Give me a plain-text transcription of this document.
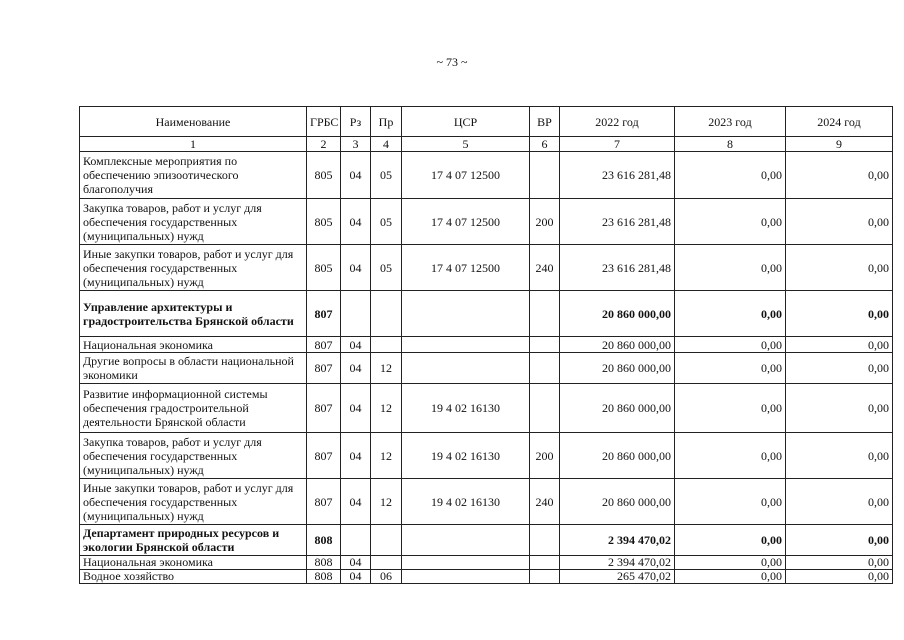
~ 73 ~
Наименование	ГРБС	Рз	Пр	ЦСР	ВР	2022 год	2023 год	2024 год
1	2	3	4	5	6	7	8	9
Комплексные мероприятия по обеспечению эпизоотического благополучия	805	04	05	17 4 07 12500		23 616 281,48	0,00	0,00
Закупка товаров, работ и услуг для обеспечения государственных (муниципальных) нужд	805	04	05	17 4 07 12500	200	23 616 281,48	0,00	0,00
Иные закупки товаров, работ и услуг для обеспечения государственных (муниципальных) нужд	805	04	05	17 4 07 12500	240	23 616 281,48	0,00	0,00
Управление архитектуры и градостроительства Брянской области	807					20 860 000,00	0,00	0,00
Национальная экономика	807	04				20 860 000,00	0,00	0,00
Другие вопросы в области национальной экономики	807	04	12			20 860 000,00	0,00	0,00
Развитие информационной системы обеспечения градостроительной деятельности Брянской области	807	04	12	19 4 02 16130		20 860 000,00	0,00	0,00
Закупка товаров, работ и услуг для обеспечения государственных (муниципальных) нужд	807	04	12	19 4 02 16130	200	20 860 000,00	0,00	0,00
Иные закупки товаров, работ и услуг для обеспечения государственных (муниципальных) нужд	807	04	12	19 4 02 16130	240	20 860 000,00	0,00	0,00
Департамент природных ресурсов и экологии Брянской области	808					2 394 470,02	0,00	0,00
Национальная экономика	808	04				2 394 470,02	0,00	0,00
Водное хозяйство	808	04	06			265 470,02	0,00	0,00
